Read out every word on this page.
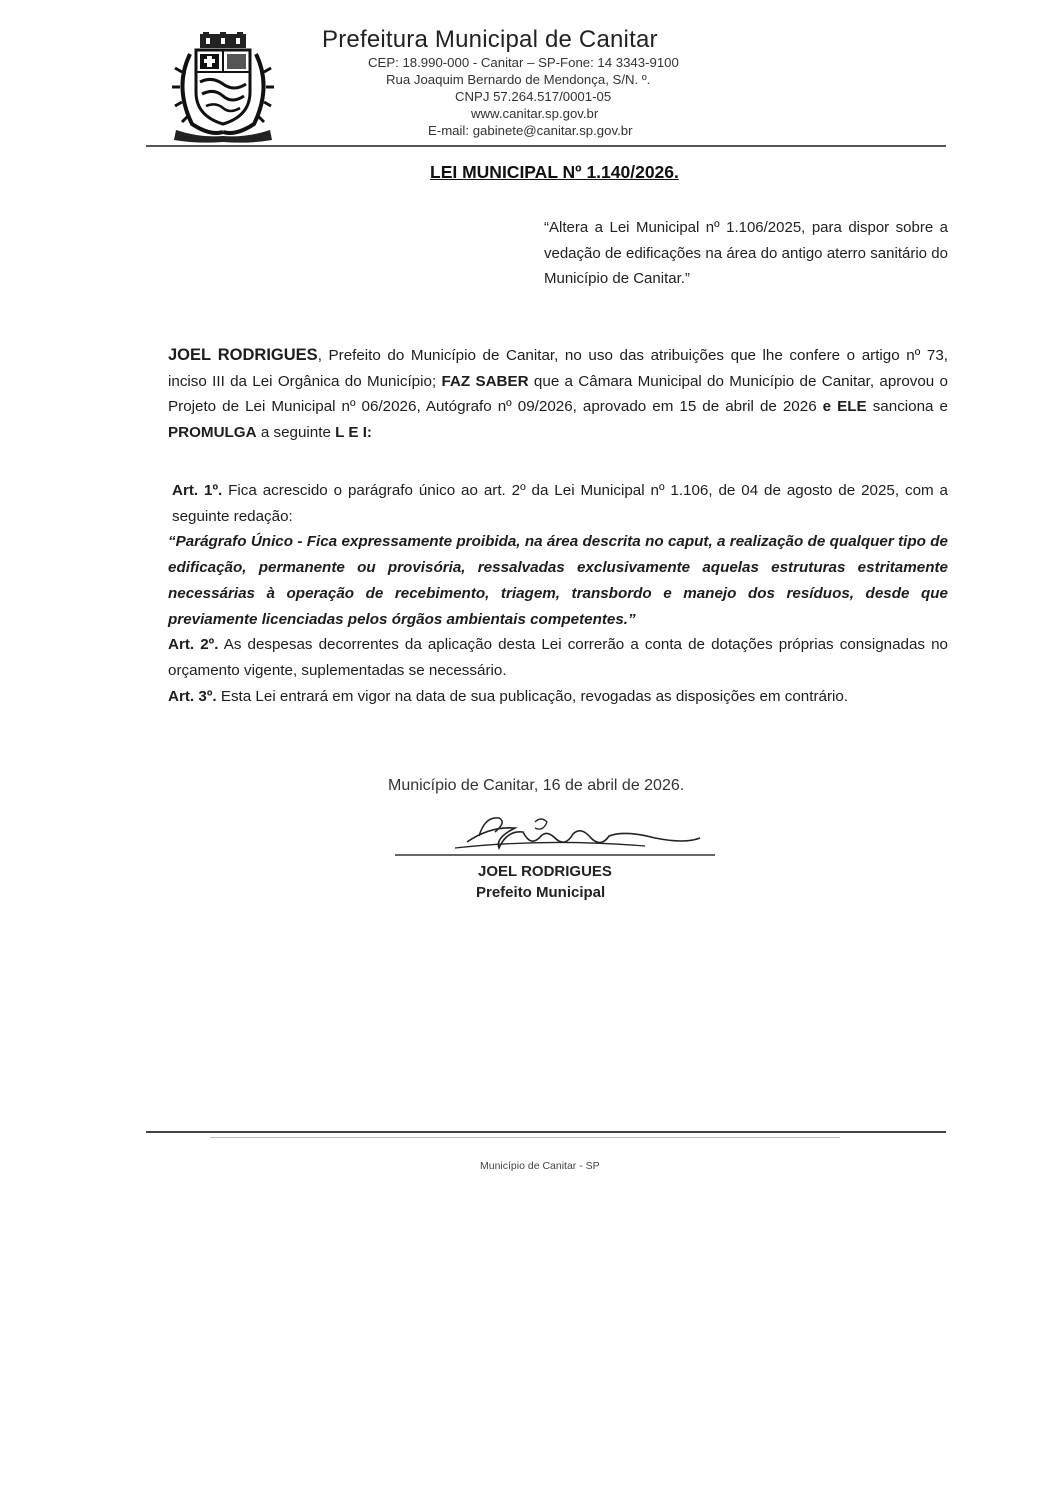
Prefeitura Municipal de Canitar
CEP: 18.990-000 - Canitar – SP-Fone: 14 3343-9100
Rua Joaquim Bernardo de Mendonça, S/N. º.
CNPJ 57.264.517/0001-05
www.canitar.sp.gov.br
E-mail: gabinete@canitar.sp.gov.br
LEI MUNICIPAL Nº 1.140/2026.
“Altera a Lei Municipal nº 1.106/2025, para dispor sobre a vedação de edificações na área do antigo aterro sanitário do Município de Canitar.”

JOEL RODRIGUES, Prefeito do Município de Canitar, no uso das atribuições que lhe confere o artigo nº 73, inciso III da Lei Orgânica do Município; FAZ SABER que a Câmara Municipal do Município de Canitar, aprovou o Projeto de Lei Municipal nº 06/2026, Autógrafo nº 09/2026, aprovado em 15 de abril de 2026 e ELE sanciona e PROMULGA a seguinte L E I:

Art. 1º. Fica acrescido o parágrafo único ao art. 2º da Lei Municipal nº 1.106, de 04 de agosto de 2025, com a seguinte redação:

“Parágrafo Único - Fica expressamente proibida, na área descrita no caput, a realização de qualquer tipo de edificação, permanente ou provisória, ressalvadas exclusivamente aquelas estruturas estritamente necessárias à operação de recebimento, triagem, transbordo e manejo dos resíduos, desde que previamente licenciadas pelos órgãos ambientais competentes.”

Art. 2º. As despesas decorrentes da aplicação desta Lei correrão a conta de dotações próprias consignadas no orçamento vigente, suplementadas se necessário.

Art. 3º. Esta Lei entrará em vigor na data de sua publicação, revogadas as disposições em contrário.

Município de Canitar, 16 de abril de 2026.
JOEL RODRIGUES
Prefeito Municipal
Município de Canitar - SP
